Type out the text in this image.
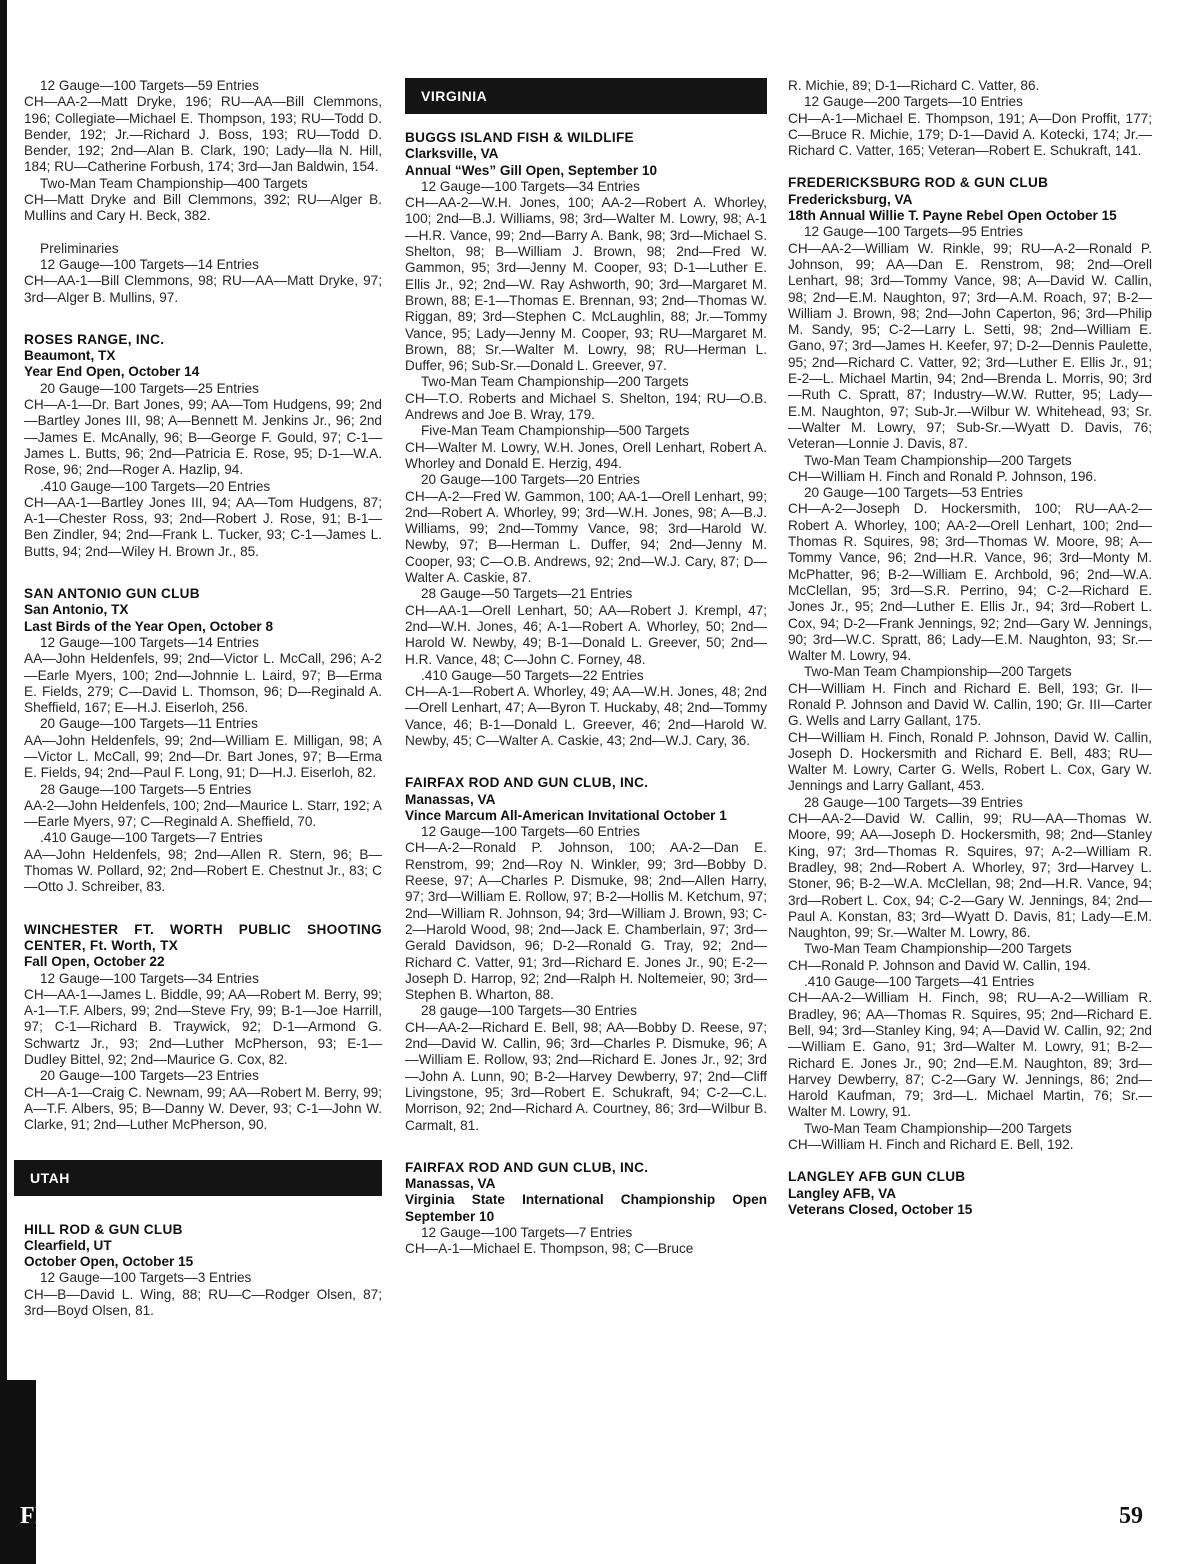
12 Gauge—100 Targets—59 Entries

CH—AA-2—Matt Dryke, 196; RU—AA—Bill Clemmons, 196; Collegiate—Michael E. Thompson, 193; RU—Todd D. Bender, 192; Jr.—Richard J. Boss, 193; RU—Todd D. Bender, 192; 2nd—Alan B. Clark, 190; Lady—lla N. Hill, 184; RU—Catherine Forbush, 174; 3rd—Jan Baldwin, 154.

Two-Man Team Championship—400 Targets

CH—Matt Dryke and Bill Clemmons, 392; RU—Alger B. Mullins and Cary H. Beck, 382.

Preliminaries

12 Gauge—100 Targets—14 Entries

CH—AA-1—Bill Clemmons, 98; RU—AA—Matt Dryke, 97; 3rd—Alger B. Mullins, 97.

ROSES RANGE, INC.

Beaumont, TX

Year End Open, October 14

20 Gauge—100 Targets—25 Entries

CH—A-1—Dr. Bart Jones, 99; AA—Tom Hudgens, 99; 2nd—Bartley Jones III, 98; A—Bennett M. Jenkins Jr., 96; 2nd—James E. McAnally, 96; B—George F. Gould, 97; C-1—James L. Butts, 96; 2nd—Patricia E. Rose, 95; D-1—W.A. Rose, 96; 2nd—Roger A. Hazlip, 94.

.410 Gauge—100 Targets—20 Entries

CH—AA-1—Bartley Jones III, 94; AA—Tom Hudgens, 87; A-1—Chester Ross, 93; 2nd—Robert J. Rose, 91; B-1—Ben Zindler, 94; 2nd—Frank L. Tucker, 93; C-1—James L. Butts, 94; 2nd—Wiley H. Brown Jr., 85.

SAN ANTONIO GUN CLUB

San Antonio, TX

Last Birds of the Year Open, October 8

12 Gauge—100 Targets—14 Entries

AA—John Heldenfels, 99; 2nd—Victor L. McCall, 296; A-2—Earle Myers, 100; 2nd—Johnnie L. Laird, 97; B—Erma E. Fields, 279; C—David L. Thomson, 96; D—Reginald A. Sheffield, 167; E—H.J. Eiserloh, 256.

20 Gauge—100 Targets—11 Entries

AA—John Heldenfels, 99; 2nd—William E. Milligan, 98; A—Victor L. McCall, 99; 2nd—Dr. Bart Jones, 97; B—Erma E. Fields, 94; 2nd—Paul F. Long, 91; D—H.J. Eiserloh, 82.

28 Gauge—100 Targets—5 Entries

AA-2—John Heldenfels, 100; 2nd—Maurice L. Starr, 192; A—Earle Myers, 97; C—Reginald A. Sheffield, 70.

.410 Gauge—100 Targets—7 Entries

AA—John Heldenfels, 98; 2nd—Allen R. Stern, 96; B—Thomas W. Pollard, 92; 2nd—Robert E. Chestnut Jr., 83; C—Otto J. Schreiber, 83.

WINCHESTER FT. WORTH PUBLIC SHOOTING CENTER, Ft. Worth, TX

Fall Open, October 22

12 Gauge—100 Targets—34 Entries

CH—AA-1—James L. Biddle, 99; AA—Robert M. Berry, 99; A-1—T.F. Albers, 99; 2nd—Steve Fry, 99; B-1—Joe Harrill, 97; C-1—Richard B. Traywick, 92; D-1—Armond G. Schwartz Jr., 93; 2nd—Luther McPherson, 93; E-1—Dudley Bittel, 92; 2nd—Maurice G. Cox, 82.

20 Gauge—100 Targets—23 Entries

CH—A-1—Craig C. Newnam, 99; AA—Robert M. Berry, 99; A—T.F. Albers, 95; B—Danny W. Dever, 93; C-1—John W. Clarke, 91; 2nd—Luther McPherson, 90.

UTAH

HILL ROD & GUN CLUB

Clearfield, UT

October Open, October 15

12 Gauge—100 Targets—3 Entries

CH—B—David L. Wing, 88; RU—C—Rodger Olsen, 87; 3rd—Boyd Olsen, 81.

VIRGINIA

BUGGS ISLAND FISH & WILDLIFE

Clarksville, VA

Annual “Wes” Gill Open, September 10

12 Gauge—100 Targets—34 Entries

CH—AA-2—W.H. Jones, 100; AA-2—Robert A. Whorley, 100; 2nd—B.J. Williams, 98; 3rd—Walter M. Lowry, 98; A-1—H.R. Vance, 99; 2nd—Barry A. Bank, 98; 3rd—Michael S. Shelton, 98; B—William J. Brown, 98; 2nd—Fred W. Gammon, 95; 3rd—Jenny M. Cooper, 93; D-1—Luther E. Ellis Jr., 92; 2nd—W. Ray Ashworth, 90; 3rd—Margaret M. Brown, 88; E-1—Thomas E. Brennan, 93; 2nd—Thomas W. Riggan, 89; 3rd—Stephen C. McLaughlin, 88; Jr.—Tommy Vance, 95; Lady—Jenny M. Cooper, 93; RU—Margaret M. Brown, 88; Sr.—Walter M. Lowry, 98; RU—Herman L. Duffer, 96; Sub-Sr.—Donald L. Greever, 97.

Two-Man Team Championship—200 Targets

CH—T.O. Roberts and Michael S. Shelton, 194; RU—O.B. Andrews and Joe B. Wray, 179.

Five-Man Team Championship—500 Targets

CH—Walter M. Lowry, W.H. Jones, Orell Lenhart, Robert A. Whorley and Donald E. Herzig, 494.

20 Gauge—100 Targets—20 Entries

CH—A-2—Fred W. Gammon, 100; AA-1—Orell Lenhart, 99; 2nd—Robert A. Whorley, 99; 3rd—W.H. Jones, 98; A—B.J. Williams, 99; 2nd—Tommy Vance, 98; 3rd—Harold W. Newby, 97; B—Herman L. Duffer, 94; 2nd—Jenny M. Cooper, 93; C—O.B. Andrews, 92; 2nd—W.J. Cary, 87; D—Walter A. Caskie, 87.

28 Gauge—50 Targets—21 Entries

CH—AA-1—Orell Lenhart, 50; AA—Robert J. Krempl, 47; 2nd—W.H. Jones, 46; A-1—Robert A. Whorley, 50; 2nd—Harold W. Newby, 49; B-1—Donald L. Greever, 50; 2nd—H.R. Vance, 48; C—John C. Forney, 48.

.410 Gauge—50 Targets—22 Entries

CH—A-1—Robert A. Whorley, 49; AA—W.H. Jones, 48; 2nd—Orell Lenhart, 47; A—Byron T. Huckaby, 48; 2nd—Tommy Vance, 46; B-1—Donald L. Greever, 46; 2nd—Harold W. Newby, 45; C—Walter A. Caskie, 43; 2nd—W.J. Cary, 36.

FAIRFAX ROD AND GUN CLUB, INC.

Manassas, VA

Vince Marcum All-American Invitational October 1

12 Gauge—100 Targets—60 Entries

CH—A-2—Ronald P. Johnson, 100; AA-2—Dan E. Renstrom, 99; 2nd—Roy N. Winkler, 99; 3rd—Bobby D. Reese, 97; A—Charles P. Dismuke, 98; 2nd—Allen Harry, 97; 3rd—William E. Rollow, 97; B-2—Hollis M. Ketchum, 97; 2nd—William R. Johnson, 94; 3rd—William J. Brown, 93; C-2—Harold Wood, 98; 2nd—Jack E. Chamberlain, 97; 3rd—Gerald Davidson, 96; D-2—Ronald G. Tray, 92; 2nd—Richard C. Vatter, 91; 3rd—Richard E. Jones Jr., 90; E-2—Joseph D. Harrop, 92; 2nd—Ralph H. Noltemeier, 90; 3rd—Stephen B. Wharton, 88.

28 gauge—100 Targets—30 Entries

CH—AA-2—Richard E. Bell, 98; AA—Bobby D. Reese, 97; 2nd—David W. Callin, 96; 3rd—Charles P. Dismuke, 96; A—William E. Rollow, 93; 2nd—Richard E. Jones Jr., 92; 3rd—John A. Lunn, 90; B-2—Harvey Dewberry, 97; 2nd—Cliff Livingstone, 95; 3rd—Robert E. Schukraft, 94; C-2—C.L. Morrison, 92; 2nd—Richard A. Courtney, 86; 3rd—Wilbur B. Carmalt, 81.

FAIRFAX ROD AND GUN CLUB, INC.

Manassas, VA

Virginia State International Championship Open September 10

12 Gauge—100 Targets—7 Entries

CH—A-1—Michael E. Thompson, 98; C—Bruce

R. Michie, 89; D-1—Richard C. Vatter, 86.

12 Gauge—200 Targets—10 Entries

CH—A-1—Michael E. Thompson, 191; A—Don Proffit, 177; C—Bruce R. Michie, 179; D-1—David A. Kotecki, 174; Jr.—Richard C. Vatter, 165; Veteran—Robert E. Schukraft, 141.

FREDERICKSBURG ROD & GUN CLUB

Fredericksburg, VA

18th Annual Willie T. Payne Rebel Open October 15

12 Gauge—100 Targets—95 Entries

CH—AA-2—William W. Rinkle, 99; RU—A-2—Ronald P. Johnson, 99; AA—Dan E. Renstrom, 98; 2nd—Orell Lenhart, 98; 3rd—Tommy Vance, 98; A—David W. Callin, 98; 2nd—E.M. Naughton, 97; 3rd—A.M. Roach, 97; B-2—William J. Brown, 98; 2nd—John Caperton, 96; 3rd—Philip M. Sandy, 95; C-2—Larry L. Setti, 98; 2nd—William E. Gano, 97; 3rd—James H. Keefer, 97; D-2—Dennis Paulette, 95; 2nd—Richard C. Vatter, 92; 3rd—Luther E. Ellis Jr., 91; E-2—L. Michael Martin, 94; 2nd—Brenda L. Morris, 90; 3rd—Ruth C. Spratt, 87; Industry—W.W. Rutter, 95; Lady—E.M. Naughton, 97; Sub-Jr.—Wilbur W. Whitehead, 93; Sr.—Walter M. Lowry, 97; Sub-Sr.—Wyatt D. Davis, 76; Veteran—Lonnie J. Davis, 87.

Two-Man Team Championship—200 Targets

CH—William H. Finch and Ronald P. Johnson, 196.

20 Gauge—100 Targets—53 Entries

CH—A-2—Joseph D. Hockersmith, 100; RU—AA-2—Robert A. Whorley, 100; AA-2—Orell Lenhart, 100; 2nd—Thomas R. Squires, 98; 3rd—Thomas W. Moore, 98; A—Tommy Vance, 96; 2nd—H.R. Vance, 96; 3rd—Monty M. McPhatter, 96; B-2—William E. Archbold, 96; 2nd—W.A. McClellan, 95; 3rd—S.R. Perrino, 94; C-2—Richard E. Jones Jr., 95; 2nd—Luther E. Ellis Jr., 94; 3rd—Robert L. Cox, 94; D-2—Frank Jennings, 92; 2nd—Gary W. Jennings, 90; 3rd—W.C. Spratt, 86; Lady—E.M. Naughton, 93; Sr.—Walter M. Lowry, 94.

Two-Man Team Championship—200 Targets

CH—William H. Finch and Richard E. Bell, 193; Gr. II—Ronald P. Johnson and David W. Callin, 190; Gr. III—Carter G. Wells and Larry Gallant, 175.

CH—William H. Finch, Ronald P. Johnson, David W. Callin, Joseph D. Hockersmith and Richard E. Bell, 483; RU—Walter M. Lowry, Carter G. Wells, Robert L. Cox, Gary W. Jennings and Larry Gallant, 453.

28 Gauge—100 Targets—39 Entries

CH—AA-2—David W. Callin, 99; RU—AA—Thomas W. Moore, 99; AA—Joseph D. Hockersmith, 98; 2nd—Stanley King, 97; 3rd—Thomas R. Squires, 97; A-2—William R. Bradley, 98; 2nd—Robert A. Whorley, 97; 3rd—Harvey L. Stoner, 96; B-2—W.A. McClellan, 98; 2nd—H.R. Vance, 94; 3rd—Robert L. Cox, 94; C-2—Gary W. Jennings, 84; 2nd—Paul A. Konstan, 83; 3rd—Wyatt D. Davis, 81; Lady—E.M. Naughton, 99; Sr.—Walter M. Lowry, 86.

Two-Man Team Championship—200 Targets

CH—Ronald P. Johnson and David W. Callin, 194.

.410 Gauge—100 Targets—41 Entries

CH—AA-2—William H. Finch, 98; RU—A-2—William R. Bradley, 96; AA—Thomas R. Squires, 95; 2nd—Richard E. Bell, 94; 3rd—Stanley King, 94; A—David W. Callin, 92; 2nd—William E. Gano, 91; 3rd—Walter M. Lowry, 91; B-2—Richard E. Jones Jr., 90; 2nd—E.M. Naughton, 89; 3rd—Harvey Dewberry, 87; C-2—Gary W. Jennings, 86; 2nd—Harold Kaufman, 79; 3rd—L. Michael Martin, 76; Sr.—Walter M. Lowry, 91.

Two-Man Team Championship—200 Targets

CH—William H. Finch and Richard E. Bell, 192.

LANGLEY AFB GUN CLUB

Langley AFB, VA

Veterans Closed, October 15

FEBRUARY 1979	59
